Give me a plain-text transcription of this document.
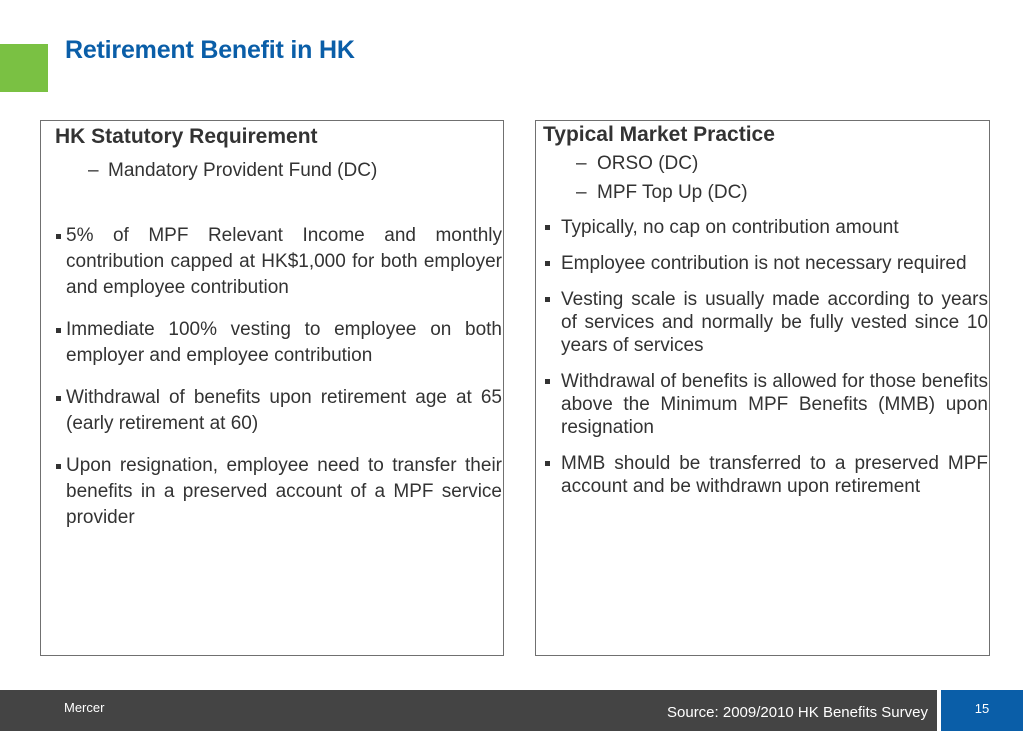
Retirement Benefit in HK
HK Statutory Requirement
– Mandatory Provident Fund (DC)
5% of MPF Relevant Income and monthly contribution capped at HK$1,000 for both employer and employee contribution
Immediate 100% vesting to employee on both employer and employee contribution
Withdrawal of benefits upon retirement age at 65 (early retirement at 60)
Upon resignation, employee need to transfer their benefits in a preserved account of a MPF service provider
Typical Market Practice
– ORSO (DC)
– MPF Top Up (DC)
Typically, no cap on contribution amount
Employee contribution is not necessary required
Vesting scale is usually made according to years of services and normally be fully vested since 10 years of services
Withdrawal of benefits is allowed for those benefits above the Minimum MPF Benefits (MMB) upon resignation
MMB should be transferred to a preserved MPF account and be withdrawn upon retirement
Mercer	Source: 2009/2010 HK Benefits Survey	15
